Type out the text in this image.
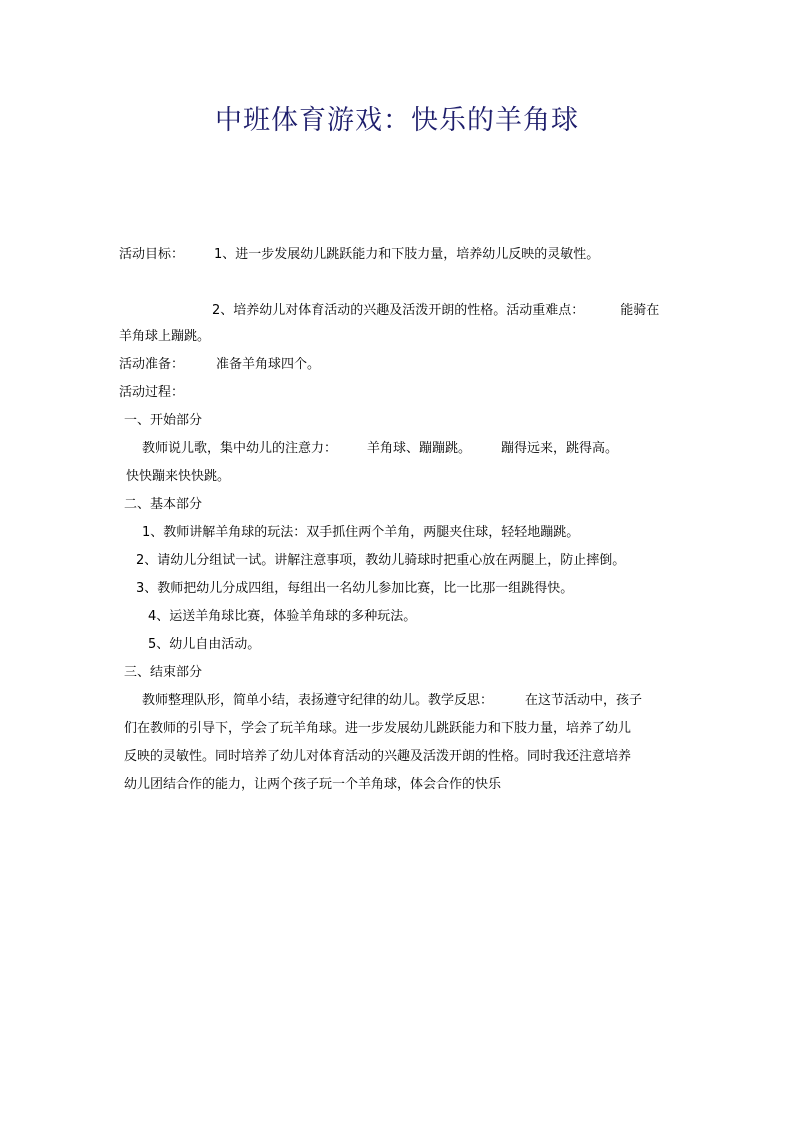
中班体育游戏：快乐的羊角球
活动目标： 1、进一步发展幼儿跳跃能力和下肢力量，培养幼儿反映的灵敏性。
2、培养幼儿对体育活动的兴趣及活泼开朗的性格。活动重难点：	能骑在
羊角球上蹦跳。
活动准备： 准备羊角球四个。
活动过程：
一、开始部分
教师说儿歌，集中幼儿的注意力： 羊角球、蹦蹦跳。 蹦得远来，跳得高。
快快蹦来快快跳。
二、基本部分
1、教师讲解羊角球的玩法：双手抓住两个羊角，两腿夹住球，轻轻地蹦跳。
2、请幼儿分组试一试。讲解注意事项，教幼儿骑球时把重心放在两腿上，防止摔倒。
3、教师把幼儿分成四组，每组出一名幼儿参加比赛，比一比那一组跳得快。
4、运送羊角球比赛，体验羊角球的多种玩法。
5、幼儿自由活动。
三、结束部分
教师整理队形，简单小结，表扬遵守纪律的幼儿。教学反思： 在这节活动中，孩子
们在教师的引导下，学会了玩羊角球。进一步发展幼儿跳跃能力和下肢力量，培养了幼儿
反映的灵敏性。同时培养了幼儿对体育活动的兴趣及活泼开朗的性格。同时我还注意培养
幼儿团结合作的能力，让两个孩子玩一个羊角球，体会合作的快乐
